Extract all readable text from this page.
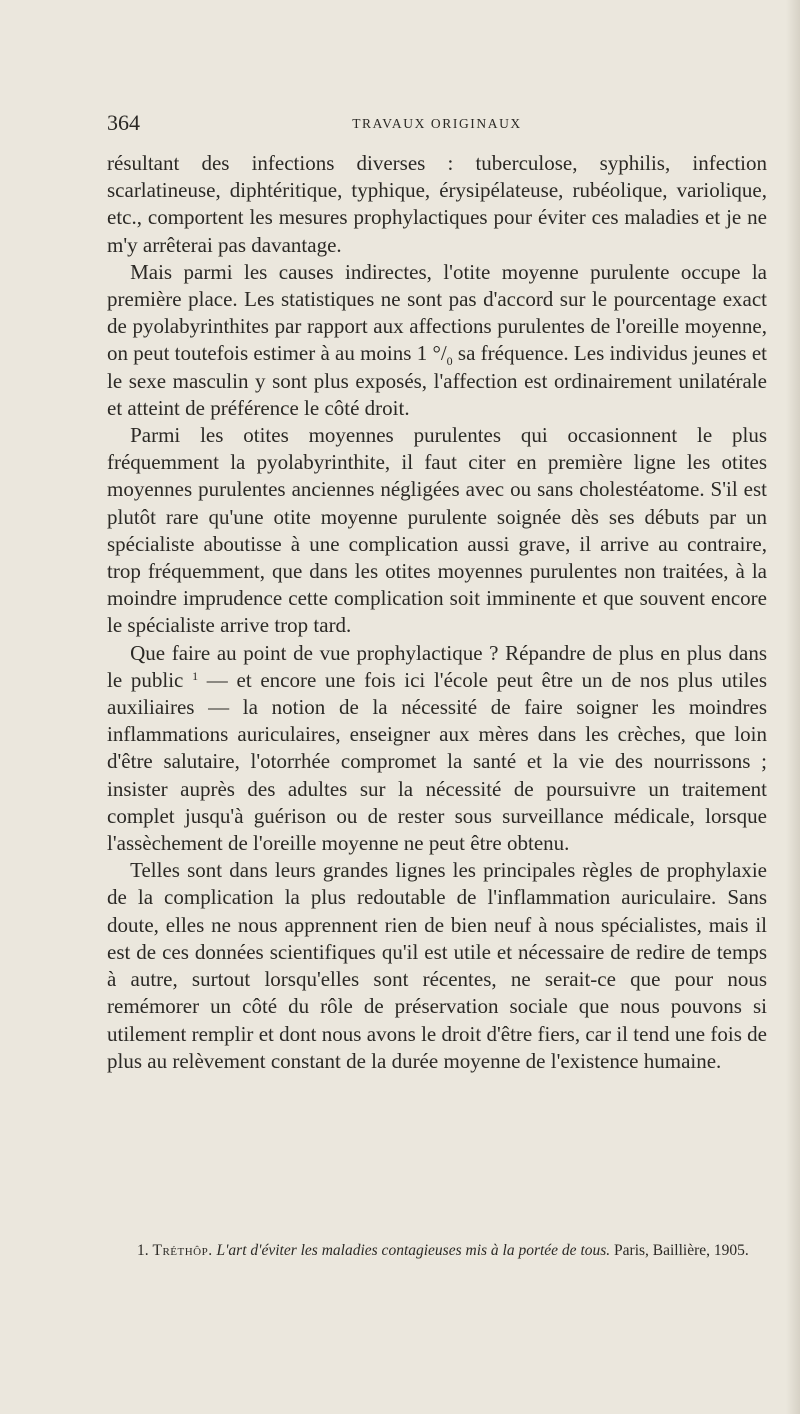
364	TRAVAUX ORIGINAUX

résultant des infections diverses : tuberculose, syphilis, infection scarlatineuse, diphtéritique, typhique, érysipélateuse, rubéolique, variolique, etc., comportent les mesures prophylactiques pour éviter ces maladies et je ne m'y arrêterai pas davantage.

Mais parmi les causes indirectes, l'otite moyenne purulente occupe la première place. Les statistiques ne sont pas d'accord sur le pourcentage exact de pyolabyrinthites par rapport aux affections purulentes de l'oreille moyenne, on peut toutefois estimer à au moins 1 $^\circ/_0$ sa fréquence. Les individus jeunes et le sexe masculin y sont plus exposés, l'affection est ordinairement unilatérale et atteint de préférence le côté droit.

Parmi les otites moyennes purulentes qui occasionnent le plus fréquemment la pyolabyrinthite, il faut citer en première ligne les otites moyennes purulentes anciennes négligées avec ou sans cholestéatome. S'il est plutôt rare qu'une otite moyenne purulente soignée dès ses débuts par un spécialiste aboutisse à une complication aussi grave, il arrive au contraire, trop fréquemment, que dans les otites moyennes purulentes non traitées, à la moindre imprudence cette complication soit imminente et que souvent encore le spécialiste arrive trop tard.

Que faire au point de vue prophylactique ? Répandre de plus en plus dans le public $^1$ — et encore une fois ici l'école peut être un de nos plus utiles auxiliaires — la notion de la nécessité de faire soigner les moindres inflammations auriculaires, enseigner aux mères dans les crèches, que loin d'être salutaire, l'otorrhée compromet la santé et la vie des nourrissons ; insister auprès des adultes sur la nécessité de poursuivre un traitement complet jusqu'à guérison ou de rester sous surveillance médicale, lorsque l'assèchement de l'oreille moyenne ne peut être obtenu.

Telles sont dans leurs grandes lignes les principales règles de prophylaxie de la complication la plus redoutable de l'inflammation auriculaire. Sans doute, elles ne nous apprennent rien de bien neuf à nous spécialistes, mais il est de ces données scientifiques qu'il est utile et nécessaire de redire de temps à autre, surtout lorsqu'elles sont récentes, ne serait-ce que pour nous remémorer un côté du rôle de préservation sociale que nous pouvons si utilement remplir et dont nous avons le droit d'être fiers, car il tend une fois de plus au relèvement constant de la durée moyenne de l'existence humaine.

1. Tréthôp. L'art d'éviter les maladies contagieuses mis à la portée de tous. Paris, Baillière, 1905.
